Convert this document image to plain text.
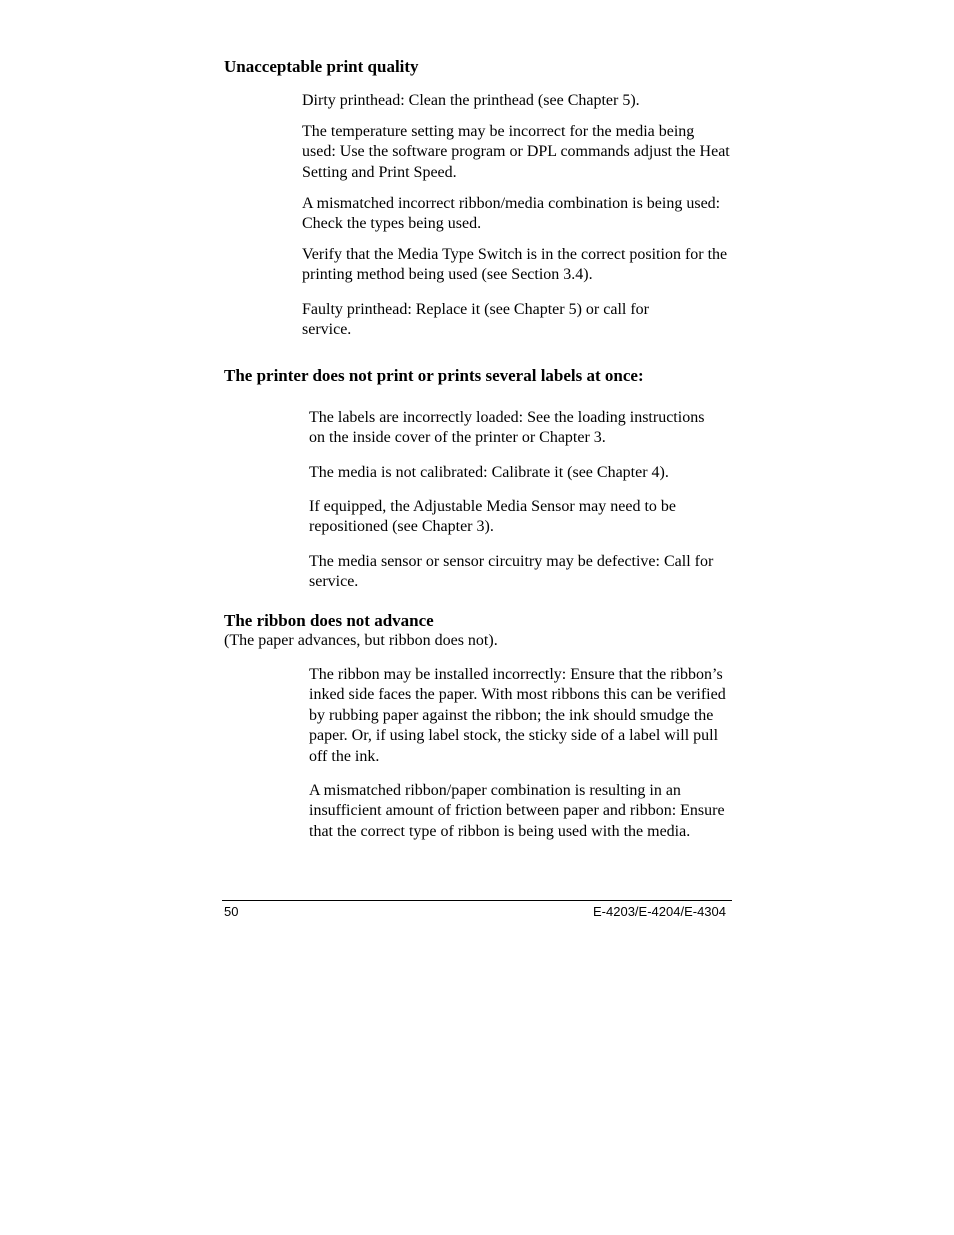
Unacceptable print quality

Dirty printhead: Clean the printhead (see Chapter 5).

The temperature setting may be incorrect for the media being used: Use the software program or DPL commands adjust the Heat Setting and Print Speed.

A mismatched incorrect ribbon/media combination is being used: Check the types being used.

Verify that the Media Type Switch is in the correct position for the printing method being used (see Section 3.4).

Faulty printhead: Replace it (see Chapter 5) or call for service.

The printer does not print or prints several labels at once:

The labels are incorrectly loaded: See the loading instructions on the inside cover of the printer or Chapter 3.

The media is not calibrated: Calibrate it (see Chapter 4).

If equipped, the Adjustable Media Sensor may need to be repositioned (see Chapter 3).

The media sensor or sensor circuitry may be defective: Call for service.

The ribbon does not advance

(The paper advances, but ribbon does not).

The ribbon may be installed incorrectly: Ensure that the ribbon’s inked side faces the paper. With most ribbons this can be verified by rubbing paper against the ribbon; the ink should smudge the paper. Or, if using label stock, the sticky side of a label will pull off the ink.

A mismatched ribbon/paper combination is resulting in an insufficient amount of friction between paper and ribbon: Ensure that the correct type of ribbon is being used with the media.

50	E-4203/E-4204/E-4304
